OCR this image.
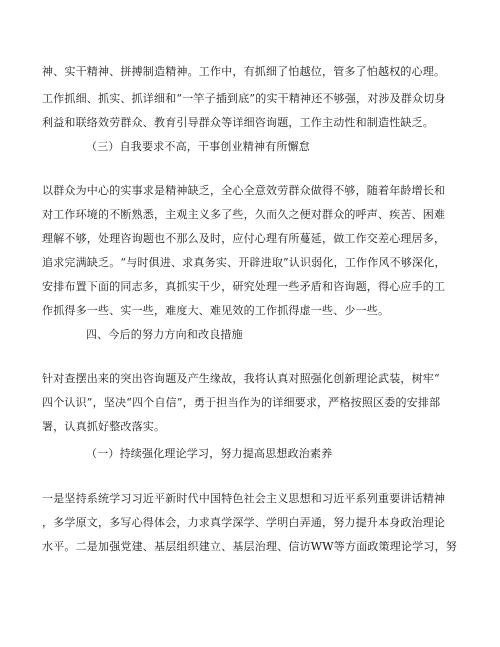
神、实干精神、拼搏制造精神。工作中，有抓细了怕越位，管多了怕越权的心理。
工作抓细、抓实、抓详细和“一竿子插到底”的实干精神还不够强，对涉及群众切身
利益和联络效劳群众、教育引导群众等详细咨询题，工作主动性和制造性缺乏。
（三）自我要求不高，干事创业精神有所懈怠
以群众为中心的实事求是精神缺乏，全心全意效劳群众做得不够，随着年龄增长和
对工作环境的不断熟悉，主观主义多了些，久而久之便对群众的呼声、疾苦、困难
理解不够，处理咨询题也不那么及时，应付心理有所蔓延，做工作交差心理居多，
追求完满缺乏。“与时俱进、求真务实、开辟进取”认识弱化，工作作风不够深化，
安排布置下面的同志多，真抓实干少，研究处理一些矛盾和咨询题，得心应手的工
作抓得多一些、实一些，难度大、难见效的工作抓得虚一些、少一些。
四、今后的努力方向和改良措施
针对查摆出来的突出咨询题及产生缘故，我将认真对照强化创新理论武装，树牢“
四个认识”，坚决“四个自信”，勇于担当作为的详细要求，严格按照区委的安排部
署，认真抓好整改落实。
（一）持续强化理论学习，努力提高思想政治素养
一是坚持系统学习习近平新时代中国特色社会主义思想和习近平系列重要讲话精神
，多学原文，多写心得体会，力求真学深学、学明白弄通，努力提升本身政治理论
水平。二是加强党建、基层组织建立、基层治理、信访WW等方面政策理论学习，努
